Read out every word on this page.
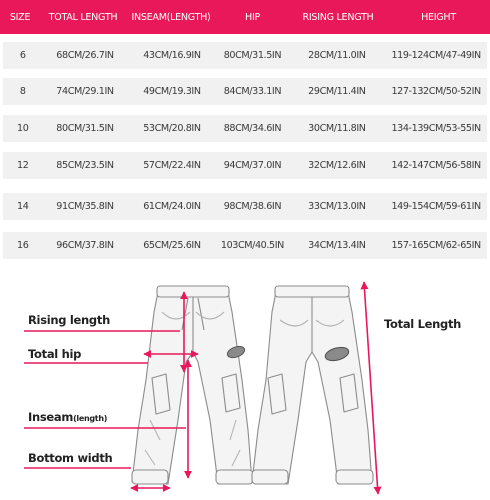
SIZE	TOTAL LENGTH	INSEAM(LENGTH)	HIP	RISING LENGTH	HEIGHT
6	68CM/26.7IN	43CM/16.9IN	80CM/31.5IN	28CM/11.0IN	119-124CM/47-49IN
8	74CM/29.1IN	49CM/19.3IN	84CM/33.1IN	29CM/11.4IN	127-132CM/50-52IN
10	80CM/31.5IN	53CM/20.8IN	88CM/34.6IN	30CM/11.8IN	134-139CM/53-55IN
12	85CM/23.5IN	57CM/22.4IN	94CM/37.0IN	32CM/12.6IN	142-147CM/56-58IN
14	91CM/35.8IN	61CM/24.0IN	98CM/38.6IN	33CM/13.0IN	149-154CM/59-61IN
16	96CM/37.8IN	65CM/25.6IN	103CM/40.5IN	34CM/13.4IN	157-165CM/62-65IN
Rising length
Total hip
Inseam(length)
Bottom width
Total Length
